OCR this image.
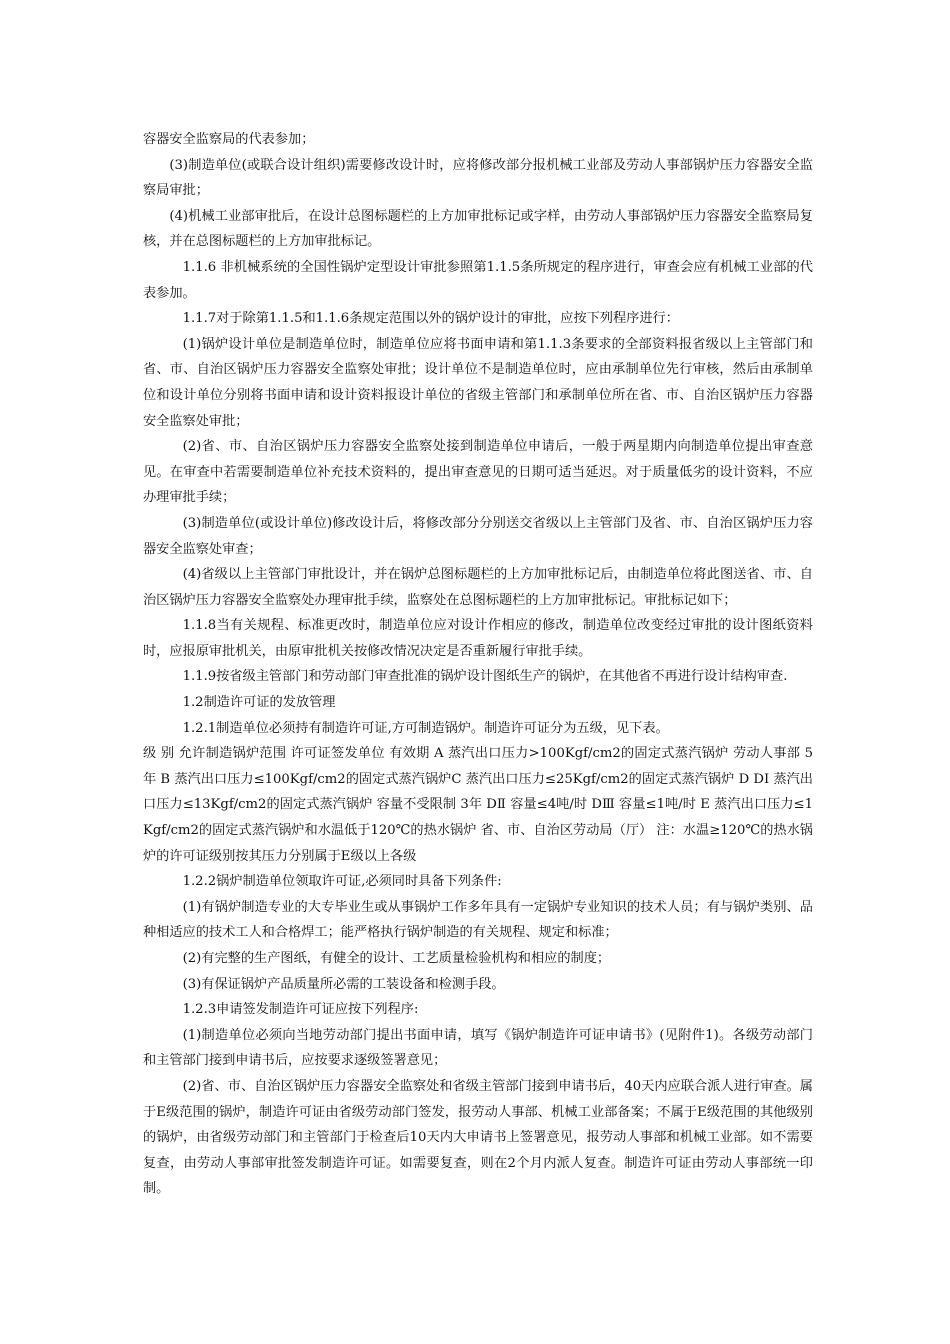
容器安全监察局的代表参加；

(3)制造单位(或联合设计组织)需要修改设计时，应将修改部分报机械工业部及劳动人事部锅炉压力容器安全监察局审批；

(4)机械工业部审批后，在设计总图标题栏的上方加审批标记或字样，由劳动人事部锅炉压力容器安全监察局复核，并在总图标题栏的上方加审批标记。

1.1.6 非机械系统的全国性锅炉定型设计审批参照第1.1.5条所规定的程序进行，审查会应有机械工业部的代表参加。

1.1.7对于除第1.1.5和1.1.6条规定范围以外的锅炉设计的审批，应按下列程序进行：

(1)锅炉设计单位是制造单位时，制造单位应将书面申请和第1.1.3条要求的全部资料报省级以上主管部门和省、市、自治区锅炉压力容器安全监察处审批；设计单位不是制造单位时，应由承制单位先行审核，然后由承制单位和设计单位分别将书面申请和设计资料报设计单位的省级主管部门和承制单位所在省、市、自治区锅炉压力容器安全监察处审批；

(2)省、市、自治区锅炉压力容器安全监察处接到制造单位申请后，一般于两星期内向制造单位提出审查意见。在审查中若需要制造单位补充技术资料的，提出审查意见的日期可适当延迟。对于质量低劣的设计资料，不应办理审批手续；

(3)制造单位(或设计单位)修改设计后，将修改部分分别送交省级以上主管部门及省、市、自治区锅炉压力容器安全监察处审查；

(4)省级以上主管部门审批设计，并在锅炉总图标题栏的上方加审批标记后，由制造单位将此图送省、市、自治区锅炉压力容器安全监察处办理审批手续，监察处在总图标题栏的上方加审批标记。审批标记如下；

1.1.8当有关规程、标准更改时，制造单位应对设计作相应的修改，制造单位改变经过审批的设计图纸资料时，应报原审批机关，由原审批机关按修改情况决定是否重新履行审批手续。

1.1.9按省级主管部门和劳动部门审查批准的锅炉设计图纸生产的锅炉，在其他省不再进行设计结构审查.

1.2制造许可证的发放管理

1.2.1制造单位必须持有制造许可证,方可制造锅炉。制造许可证分为五级，见下表。

级 别 允许制造锅炉范围 许可证签发单位 有效期 A 蒸汽出口压力>100Kgf/cm2的固定式蒸汽锅炉 劳动人事部 5年 B 蒸汽出口压力≤100Kgf/cm2的固定式蒸汽锅炉C 蒸汽出口压力≤25Kgf/cm2的固定式蒸汽锅炉 D DⅠ 蒸汽出口压力≤13Kgf/cm2的固定式蒸汽锅炉 容量不受限制 3年 DⅡ 容量≤4吨/时 DⅢ 容量≤1吨/时 E 蒸汽出口压力≤1Kgf/cm2的固定式蒸汽锅炉和水温低于120℃的热水锅炉 省、市、自治区劳动局（厅） 注：水温≥120℃的热水锅炉的许可证级别按其压力分别属于E级以上各级

1.2.2锅炉制造单位领取许可证,必须同时具备下列条件:

(1)有锅炉制造专业的大专毕业生或从事锅炉工作多年具有一定锅炉专业知识的技术人员；有与锅炉类别、品种相适应的技术工人和合格焊工；能严格执行锅炉制造的有关规程、规定和标准；

(2)有完整的生产图纸，有健全的设计、工艺质量检验机构和相应的制度；

(3)有保证锅炉产品质量所必需的工装设备和检测手段。

1.2.3申请签发制造许可证应按下列程序:

(1)制造单位必须向当地劳动部门提出书面申请，填写《锅炉制造许可证申请书》(见附件1)。各级劳动部门和主管部门接到申请书后，应按要求逐级签署意见；

(2)省、市、自治区锅炉压力容器安全监察处和省级主管部门接到申请书后，40天内应联合派人进行审查。属于E级范围的锅炉，制造许可证由省级劳动部门签发，报劳动人事部、机械工业部备案；不属于E级范围的其他级别的锅炉，由省级劳动部门和主管部门于检查后10天内大申请书上签署意见，报劳动人事部和机械工业部。如不需要复查，由劳动人事部审批签发制造许可证。如需要复查，则在2个月内派人复查。制造许可证由劳动人事部统一印制。
